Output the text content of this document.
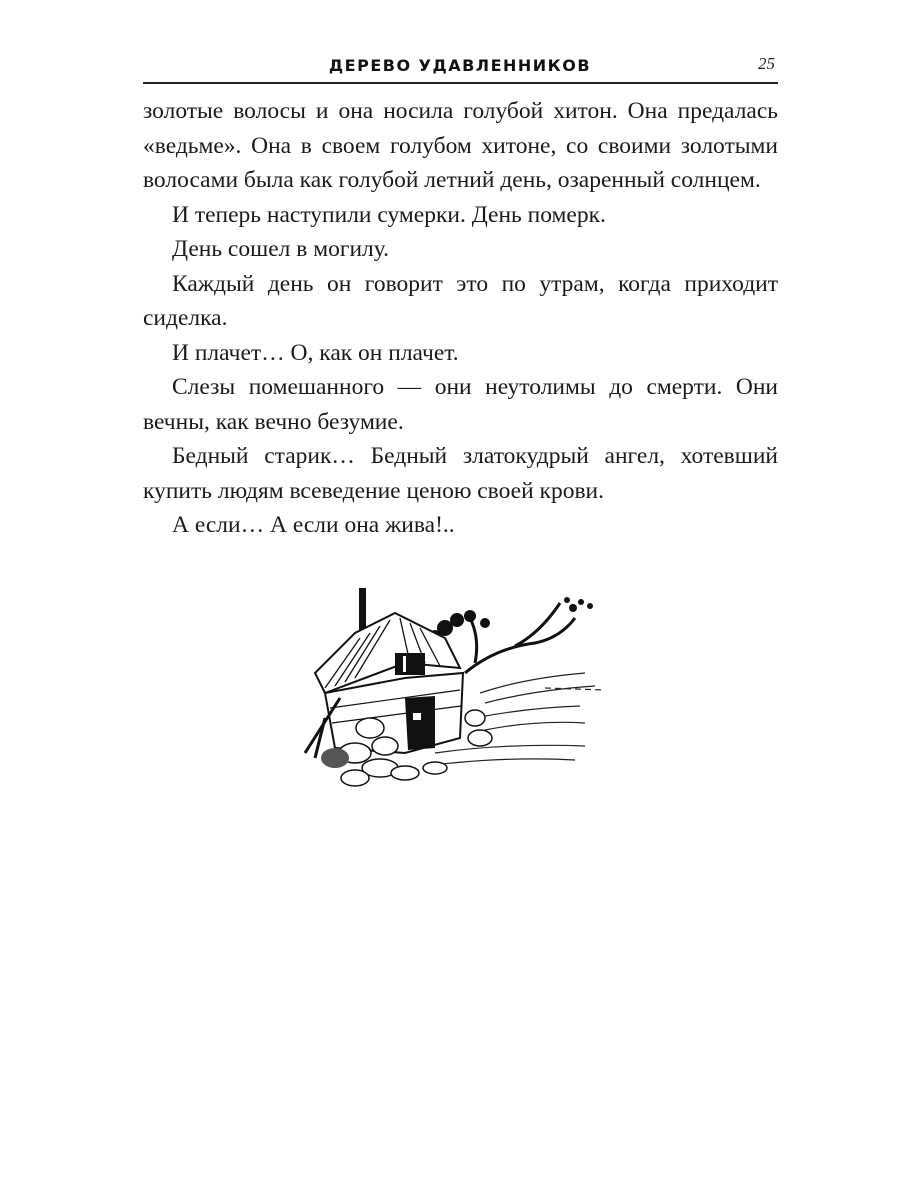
ДЕРЕВО УДАВЛЕННИКОВ	25

золотые волосы и она носила голубой хитон. Она предалась «ведьме». Она в своем голубом хитоне, со своими золотыми волосами была как голубой летний день, озаренный солнцем.

И теперь наступили сумерки. День померк.

День сошел в могилу.

Каждый день он говорит это по утрам, когда приходит сиделка.

И плачет… О, как он плачет.

Слезы помешанного — они неутолимы до смерти. Они вечны, как вечно безумие.

Бедный старик… Бедный златокудрый ангел, хотевший купить людям всеведение ценою своей крови.

А если… А если она жива!..
